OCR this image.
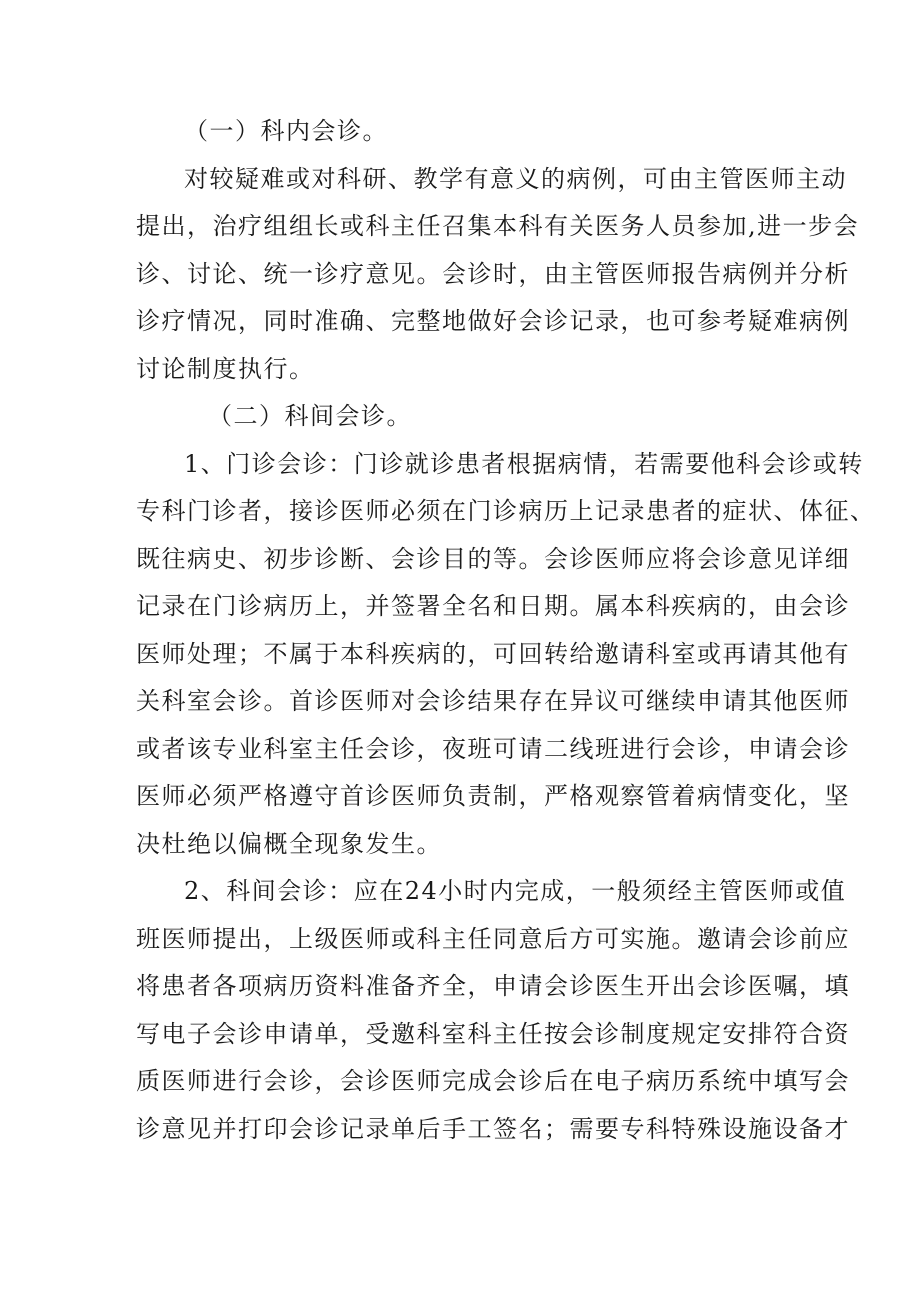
（一）科内会诊。
对较疑难或对科研、教学有意义的病例，可由主管医师主动
提出，治疗组组长或科主任召集本科有关医务人员参加,进一步会
诊、讨论、统一诊疗意见。会诊时，由主管医师报告病例并分析
诊疗情况，同时准确、完整地做好会诊记录，也可参考疑难病例
讨论制度执行。
（二）科间会诊。
1、门诊会诊：门诊就诊患者根据病情，若需要他科会诊或转
专科门诊者，接诊医师必须在门诊病历上记录患者的症状、体征、
既往病史、初步诊断、会诊目的等。会诊医师应将会诊意见详细
记录在门诊病历上，并签署全名和日期。属本科疾病的，由会诊
医师处理；不属于本科疾病的，可回转给邀请科室或再请其他有
关科室会诊。首诊医师对会诊结果存在异议可继续申请其他医师
或者该专业科室主任会诊，夜班可请二线班进行会诊，申请会诊
医师必须严格遵守首诊医师负责制，严格观察管着病情变化，坚
决杜绝以偏概全现象发生。
2、科间会诊：应在24小时内完成，一般须经主管医师或值
班医师提出，上级医师或科主任同意后方可实施。邀请会诊前应
将患者各项病历资料准备齐全，申请会诊医生开出会诊医嘱，填
写电子会诊申请单，受邀科室科主任按会诊制度规定安排符合资
质医师进行会诊，会诊医师完成会诊后在电子病历系统中填写会
诊意见并打印会诊记录单后手工签名；需要专科特殊设施设备才
